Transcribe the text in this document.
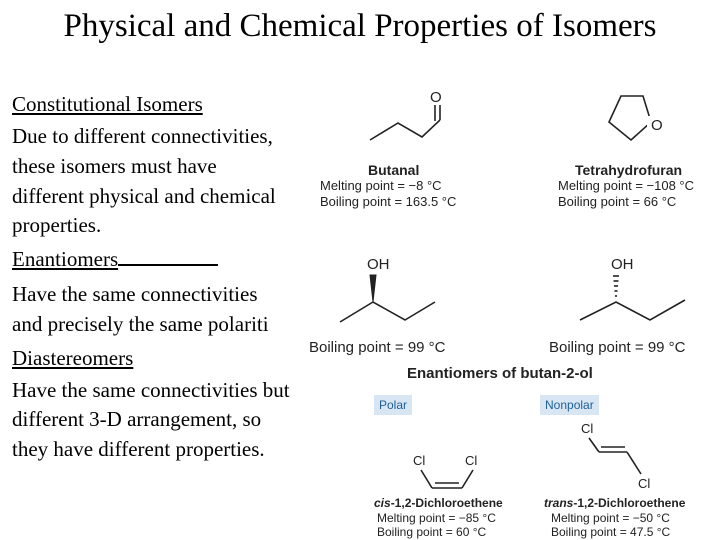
Physical and Chemical Properties of Isomers
Constitutional Isomers
Due to different connectivities,
these isomers must have
different physical and chemical
properties.
Enantiomers
Have the same connectivities
and precisely the same polariti
Diastereomers
Have the same connectivities but
different 3-D arrangement, so
they have different properties.
O
Butanal
Melting point = −8 °C
Boiling point = 163.5 °C
O
Tetrahydrofuran
Melting point = −108 °C
Boiling point = 66 °C
OH
Boiling point = 99 °C
OH
Boiling point = 99 °C
Enantiomers of butan-2-ol
Polar	Nonpolar
Cl	Cl
cis-1,2-Dichloroethene
Melting point = −85 °C
Boiling point = 60 °C
Cl
Cl
trans-1,2-Dichloroethene
Melting point = −50 °C
Boiling point = 47.5 °C
